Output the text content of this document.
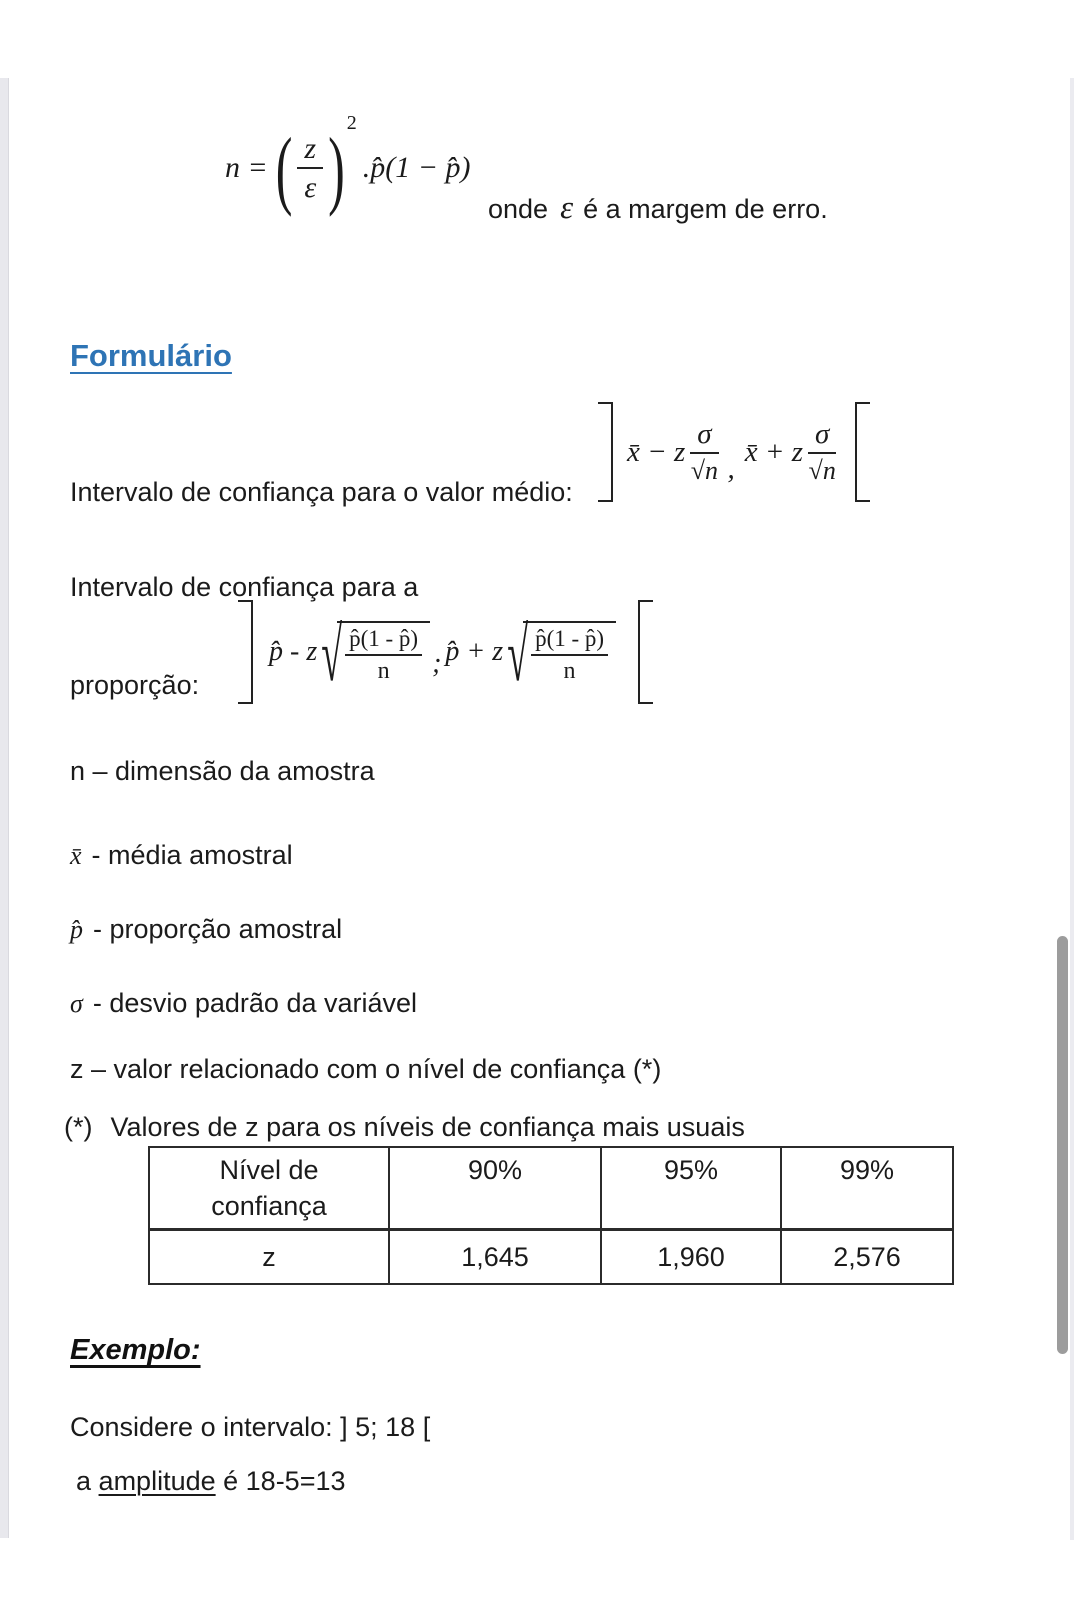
n = ( $\frac{z}{\varepsilon}$ ) 2
.p̂(1 − p̂)
onde ε é a margem de erro.
Formulário
Intervalo de confiança para o valor médio:
x̄ − z $\frac{\sigma}{√n}$ ,
x̄ + z $\frac{\sigma}{√n}$
Intervalo de confiança para a
proporção:
p̂ - z √
$\frac{p̂(1 - p̂)}{n}$ ; p̂ + z √
$\frac{p̂(1 - p̂)}{n}$
n – dimensão da amostra
x̄ - média amostral
p̂ - proporção amostral
σ - desvio padrão da variável
z – valor relacionado com o nível de confiança (*)
(*) Valores de z para os níveis de confiança mais usuais
Nível de confiança	90%	95%	99%
z	1,645	1,960	2,576
Exemplo:
Considere o intervalo: ] 5; 18 [
a amplitude é 18-5=13
